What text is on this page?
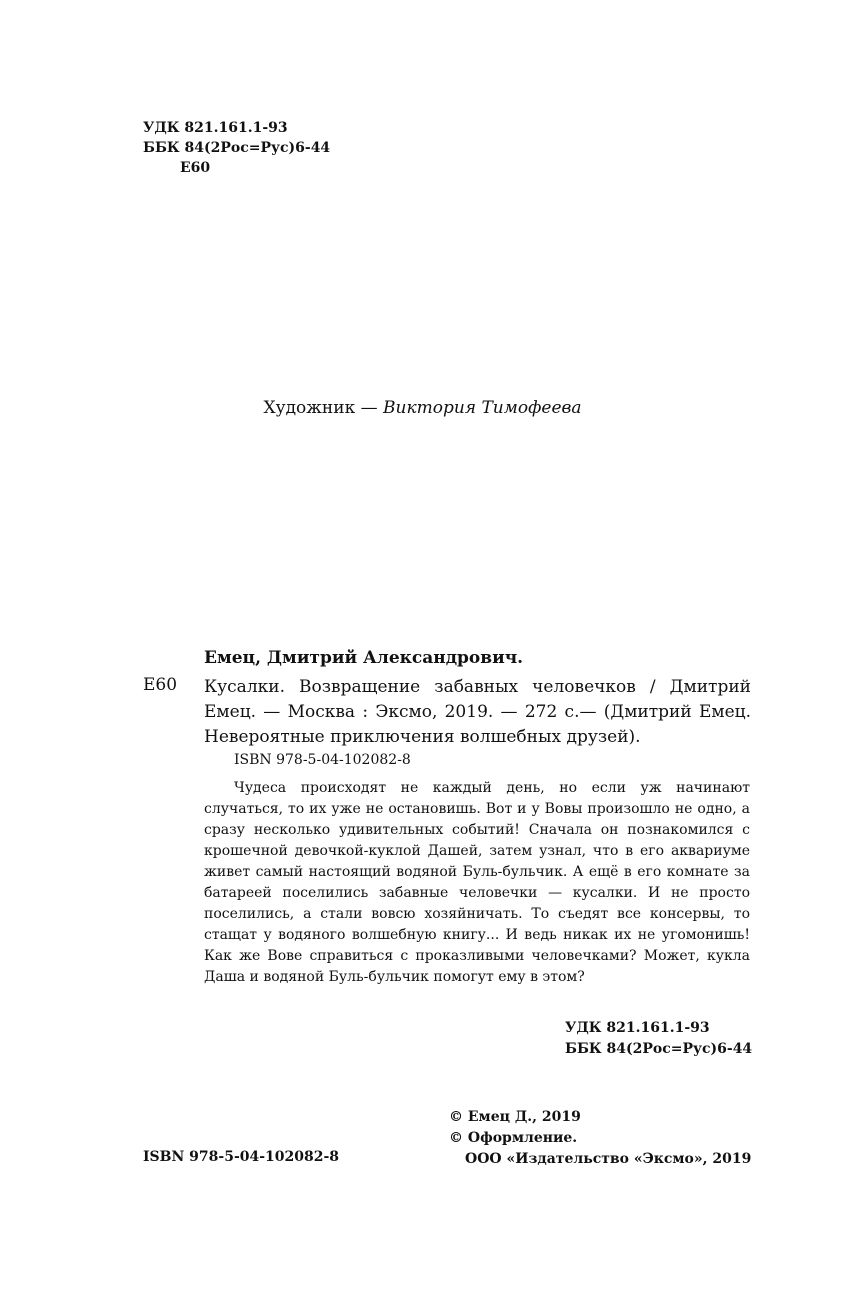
УДК 821.161.1-93
ББК 84(2Рос=Рус)6-44
Е60
Художник — Виктория Тимофеева
Емец, Дмитрий Александрович.
Е60 Кусалки. Возвращение забавных человечков / Дмитрий Емец. — Москва : Эксмо, 2019. — 272 с.— (Дмитрий Емец. Невероятные приключения волшебных друзей).
ISBN 978-5-04-102082-8

Чудеса происходят не каждый день, но если уж начинают случаться, то их уже не остановишь. Вот и у Вовы произошло не одно, а сразу несколько удивительных событий! Сначала он познакомился с крошечной девочкой-куклой Дашей, затем узнал, что в его аквариуме живет самый настоящий водяной Буль-бульчик. А ещё в его комнате за батареей поселились забавные человечки — кусалки. И не просто поселились, а стали вовсю хозяйничать. То съедят все консервы, то стащат у водяного волшебную книгу... И ведь никак их не угомонишь! Как же Вове справиться с проказливыми человечками? Может, кукла Даша и водяной Буль-бульчик помогут ему в этом?

УДК 821.161.1-93
ББК 84(2Рос=Рус)6-44
© Емец Д., 2019
© Оформление.
ООО «Издательство «Эксмо», 2019
ISBN 978-5-04-102082-8
